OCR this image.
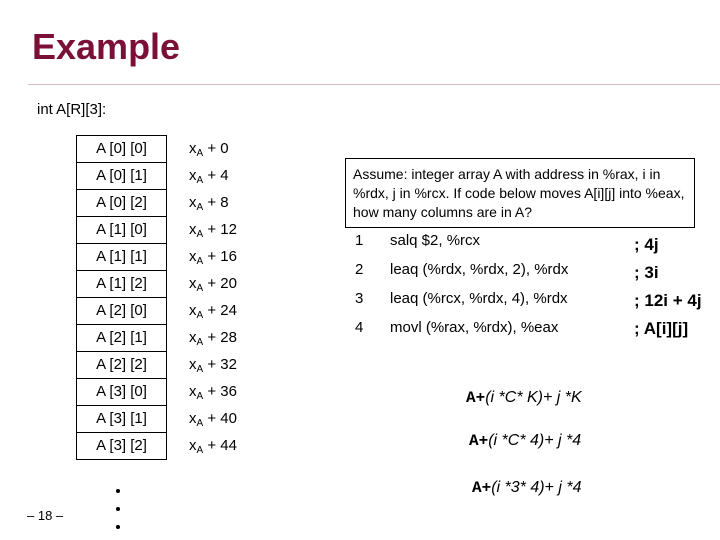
Example
int A[R][3]:
A [0] [0]	$x_A + 0$
A [0] [1]	$x_A + 4$
A [0] [2]	$x_A + 8$
A [1] [0]	$x_A + 12$
A [1] [1]	$x_A + 16$
A [1] [2]	$x_A + 20$
A [2] [0]	$x_A + 24$
A [2] [1]	$x_A + 28$
A [2] [2]	$x_A + 32$
A [3] [0]	$x_A + 36$
A [3] [1]	$x_A + 40$
A [3] [2]	$x_A + 44$
Assume: integer array A with address in %rax, i in %rdx, j in %rcx. If code below moves A[i][j] into %eax, how many columns are in A?
1 salq $2, %rcx	; 4j
2 leaq (%rdx, %rdx, 2), %rdx	; 3i
3 leaq (%rcx, %rdx, 4), %rdx	; 12i + 4j
4 movl (%rax, %rdx), %eax	; A[i][j]
A+(i *C* K)+ j *K
A+(i *C* 4)+ j *4
A+(i *3* 4)+ j *4
– 18 –
